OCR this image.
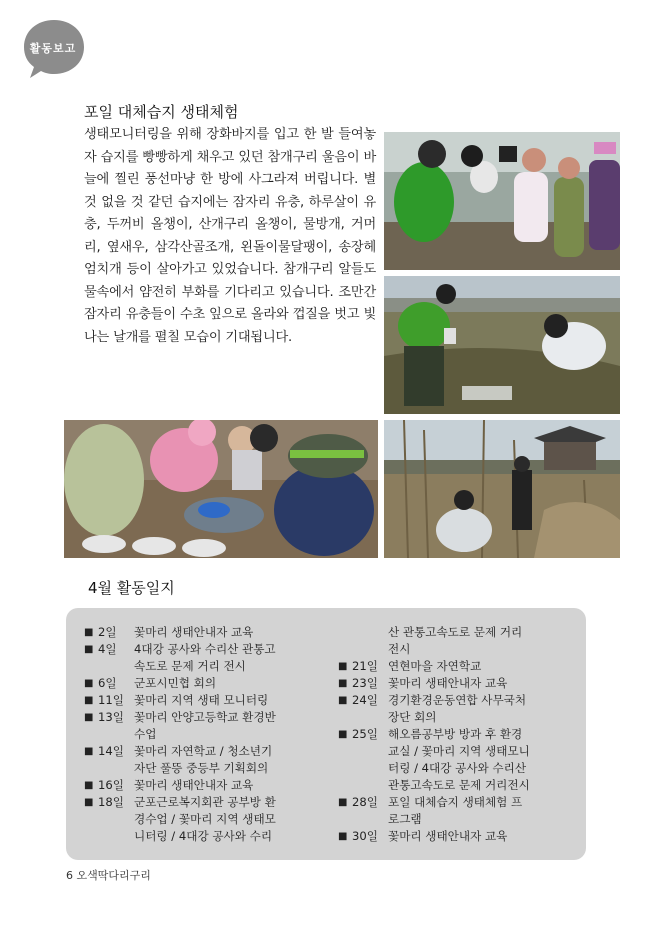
활동보고
포일 대체습지 생태체험
생태모니터링을 위해 장화바지를 입고 한 발 들여놓자 습지를 빵빵하게 채우고 있던 참개구리 울음이 바늘에 찔린 풍선마냥 한 방에 사그라져 버립니다. 별것 없을 것 같던 습지에는 잠자리 유충, 하루살이 유충, 두꺼비 올챙이, 산개구리 올챙이, 물방개, 거머리, 옆새우, 삼각산골조개, 왼돌이물달팽이, 송장헤엄치개 등이 살아가고 있었습니다. 참개구리 알들도 물속에서 얌전히 부화를 기다리고 있습니다. 조만간 잠자리 유충들이 수초 잎으로 올라와 껍질을 벗고 빛나는 날개를 펼칠 모습이 기대됩니다.
4월 활동일지
■ 2일	꽃마리 생태안내자 교육
■ 4일	4대강 공사와 수리산 관통고
속도로 문제 거리 전시
■ 6일	군포시민협 회의
■ 11일 꽃마리 지역 생태 모니터링
■ 13일 꽃마리 안양고등학교 환경반
수업
■ 14일 꽃마리 자연학교 / 청소년기
자단 풀뜽 중등부 기획회의
■ 16일 꽃마리 생태안내자 교육
■ 18일 군포근로복지회관 공부방 환
경수업 / 꽃마리 지역 생태모
니터링 / 4대강 공사와 수리
산 관통고속도로 문제 거리
전시
■ 21일 연현마을 자연학교
■ 23일 꽃마리 생태안내자 교육
■ 24일 경기환경운동연합 사무국처
장단 회의
■ 25일 해오름공부방 방과 후 환경
교실 / 꽃마리 지역 생태모니
터링 / 4대강 공사와 수리산
관통고속도로 문제 거리전시
■ 28일 포일 대체습지 생태체험 프
로그램
■ 30일 꽃마리 생태안내자 교육
6 오색딱다리구리
